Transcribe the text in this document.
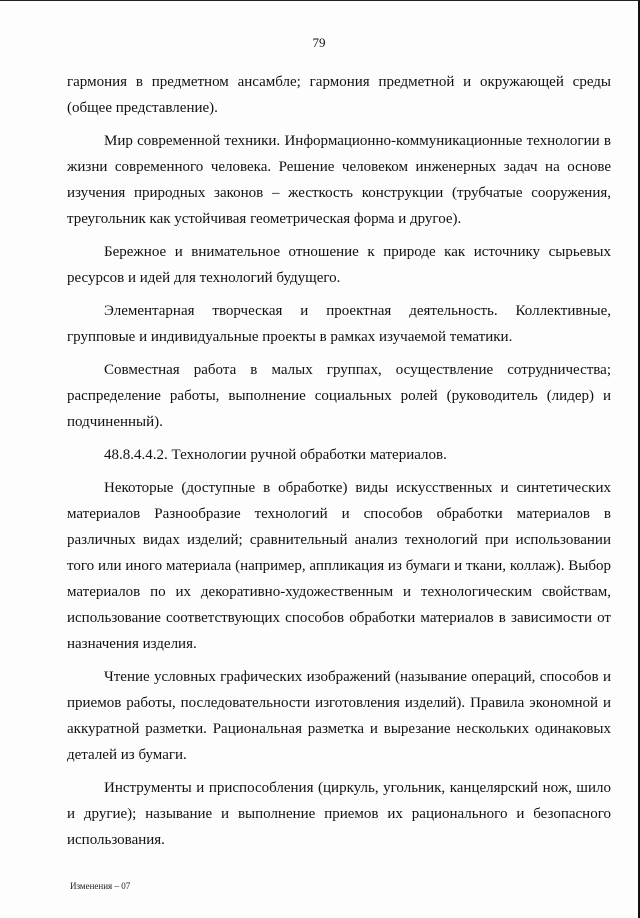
79

гармония в предметном ансамбле; гармония предметной и окружающей среды (общее представление).

Мир современной техники. Информационно-коммуникационные технологии в жизни современного человека. Решение человеком инженерных задач на основе изучения природных законов – жесткость конструкции (трубчатые сооружения, треугольник как устойчивая геометрическая форма и другое).

Бережное и внимательное отношение к природе как источнику сырьевых ресурсов и идей для технологий будущего.

Элементарная творческая и проектная деятельность. Коллективные, групповые и индивидуальные проекты в рамках изучаемой тематики.

Совместная работа в малых группах, осуществление сотрудничества; распределение работы, выполнение социальных ролей (руководитель (лидер) и подчиненный).

48.8.4.4.2. Технологии ручной обработки материалов.

Некоторые (доступные в обработке) виды искусственных и синтетических материалов Разнообразие технологий и способов обработки материалов в различных видах изделий; сравнительный анализ технологий при использовании того или иного материала (например, аппликация из бумаги и ткани, коллаж). Выбор материалов по их декоративно-художественным и технологическим свойствам, использование соответствующих способов обработки материалов в зависимости от назначения изделия.

Чтение условных графических изображений (называние операций, способов и приемов работы, последовательности изготовления изделий). Правила экономной и аккуратной разметки. Рациональная разметка и вырезание нескольких одинаковых деталей из бумаги.

Инструменты и приспособления (циркуль, угольник, канцелярский нож, шило и другие); называние и выполнение приемов их рационального и безопасного использования.

Изменения – 07
